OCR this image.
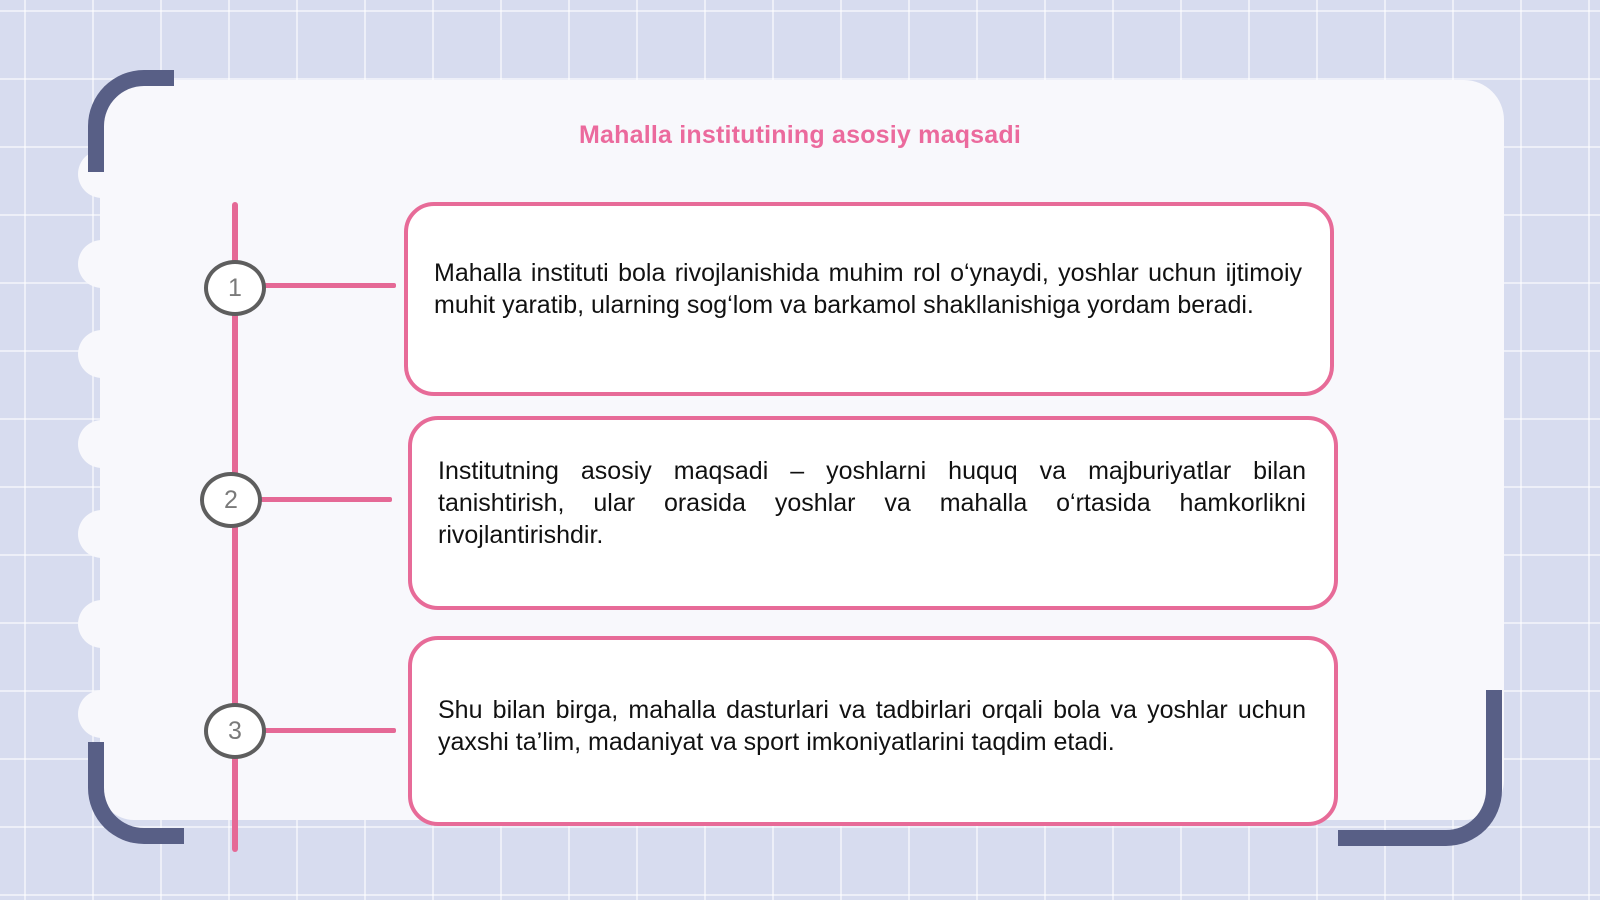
Mahalla institutining asosiy maqsadi
1

Mahalla instituti bola rivojlanishida muhim rol o‘ynaydi, yoshlar uchun ijtimoiy muhit yaratib, ularning sog‘lom va barkamol shakllanishiga yordam beradi.

2

Institutning asosiy maqsadi – yoshlarni huquq va majburiyatlar bilan tanishtirish, ular orasida yoshlar va mahalla o‘rtasida hamkorlikni rivojlantirishdir.

3

Shu bilan birga, mahalla dasturlari va tadbirlari orqali bola va yoshlar uchun yaxshi ta’lim, madaniyat va sport imkoniyatlarini taqdim etadi.
